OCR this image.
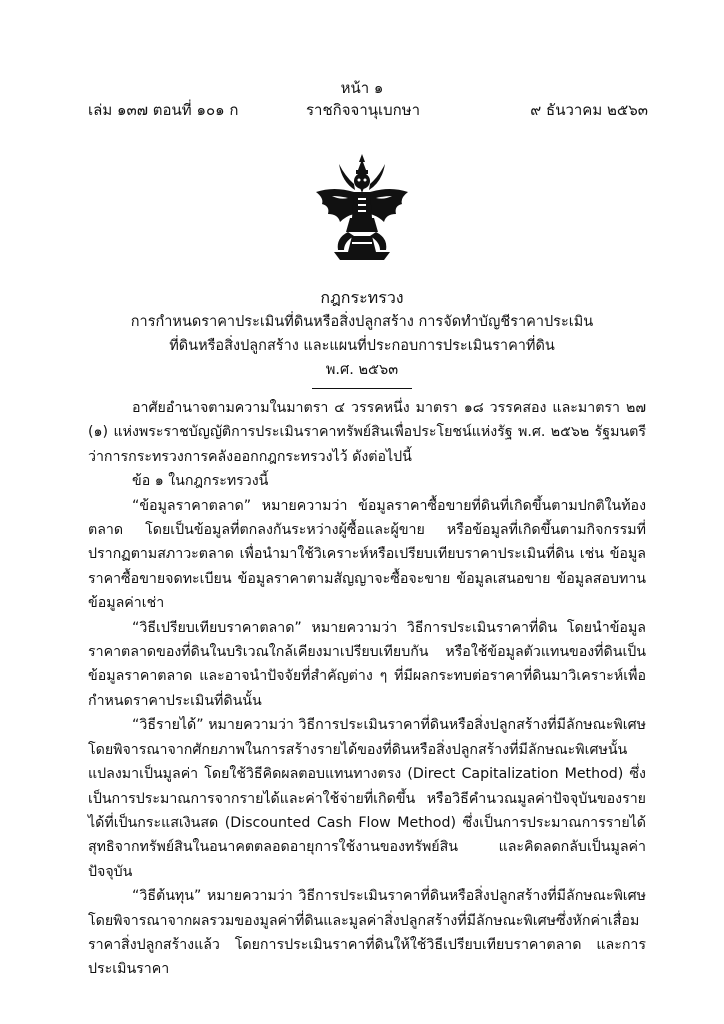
หน้า ๑
เล่ม ๑๓๗ ตอนที่ ๑๐๑ ก	ราชกิจจานุเบกษา	๙ ธันวาคม ๒๕๖๓
กฎกระทรวง
การกำหนดราคาประเมินที่ดินหรือสิ่งปลูกสร้าง การจัดทำบัญชีราคาประเมิน
ที่ดินหรือสิ่งปลูกสร้าง และแผนที่ประกอบการประเมินราคาที่ดิน
พ.ศ. ๒๕๖๓

อาศัยอำนาจตามความในมาตรา ๔ วรรคหนึ่ง มาตรา ๑๘ วรรคสอง และมาตรา ๒๗ (๑) แห่งพระราชบัญญัติการประเมินราคาทรัพย์สินเพื่อประโยชน์แห่งรัฐ พ.ศ. ๒๕๖๒ รัฐมนตรีว่าการกระทรวงการคลังออกกฎกระทรวงไว้ ดังต่อไปนี้

ข้อ ๑ ในกฎกระทรวงนี้

“ข้อมูลราคาตลาด” หมายความว่า ข้อมูลราคาซื้อขายที่ดินที่เกิดขึ้นตามปกติในท้องตลาด โดยเป็นข้อมูลที่ตกลงกันระหว่างผู้ซื้อและผู้ขาย หรือข้อมูลที่เกิดขึ้นตามกิจกรรมที่ปรากฏตามสภาวะตลาด เพื่อนำมาใช้วิเคราะห์หรือเปรียบเทียบราคาประเมินที่ดิน เช่น ข้อมูลราคาซื้อขายจดทะเบียน ข้อมูลราคาตามสัญญาจะซื้อจะขาย ข้อมูลเสนอขาย ข้อมูลสอบทาน ข้อมูลค่าเช่า

“วิธีเปรียบเทียบราคาตลาด” หมายความว่า วิธีการประเมินราคาที่ดิน โดยนำข้อมูลราคาตลาดของที่ดินในบริเวณใกล้เคียงมาเปรียบเทียบกัน หรือใช้ข้อมูลตัวแทนของที่ดินเป็นข้อมูลราคาตลาด และอาจนำปัจจัยที่สำคัญต่าง ๆ ที่มีผลกระทบต่อราคาที่ดินมาวิเคราะห์เพื่อกำหนดราคาประเมินที่ดินนั้น

“วิธีรายได้” หมายความว่า วิธีการประเมินราคาที่ดินหรือสิ่งปลูกสร้างที่มีลักษณะพิเศษ โดยพิจารณาจากศักยภาพในการสร้างรายได้ของที่ดินหรือสิ่งปลูกสร้างที่มีลักษณะพิเศษนั้น แปลงมาเป็นมูลค่า โดยใช้วิธีคิดผลตอบแทนทางตรง (Direct Capitalization Method) ซึ่งเป็นการประมาณการจากรายได้และค่าใช้จ่ายที่เกิดขึ้น หรือวิธีคำนวณมูลค่าปัจจุบันของรายได้ที่เป็นกระแสเงินสด (Discounted Cash Flow Method) ซึ่งเป็นการประมาณการรายได้สุทธิจากทรัพย์สินในอนาคตตลอดอายุการใช้งานของทรัพย์สิน และคิดลดกลับเป็นมูลค่าปัจจุบัน

“วิธีต้นทุน” หมายความว่า วิธีการประเมินราคาที่ดินหรือสิ่งปลูกสร้างที่มีลักษณะพิเศษ โดยพิจารณาจากผลรวมของมูลค่าที่ดินและมูลค่าสิ่งปลูกสร้างที่มีลักษณะพิเศษซึ่งหักค่าเสื่อมราคาสิ่งปลูกสร้างแล้ว โดยการประเมินราคาที่ดินให้ใช้วิธีเปรียบเทียบราคาตลาด และการประเมินราคา
